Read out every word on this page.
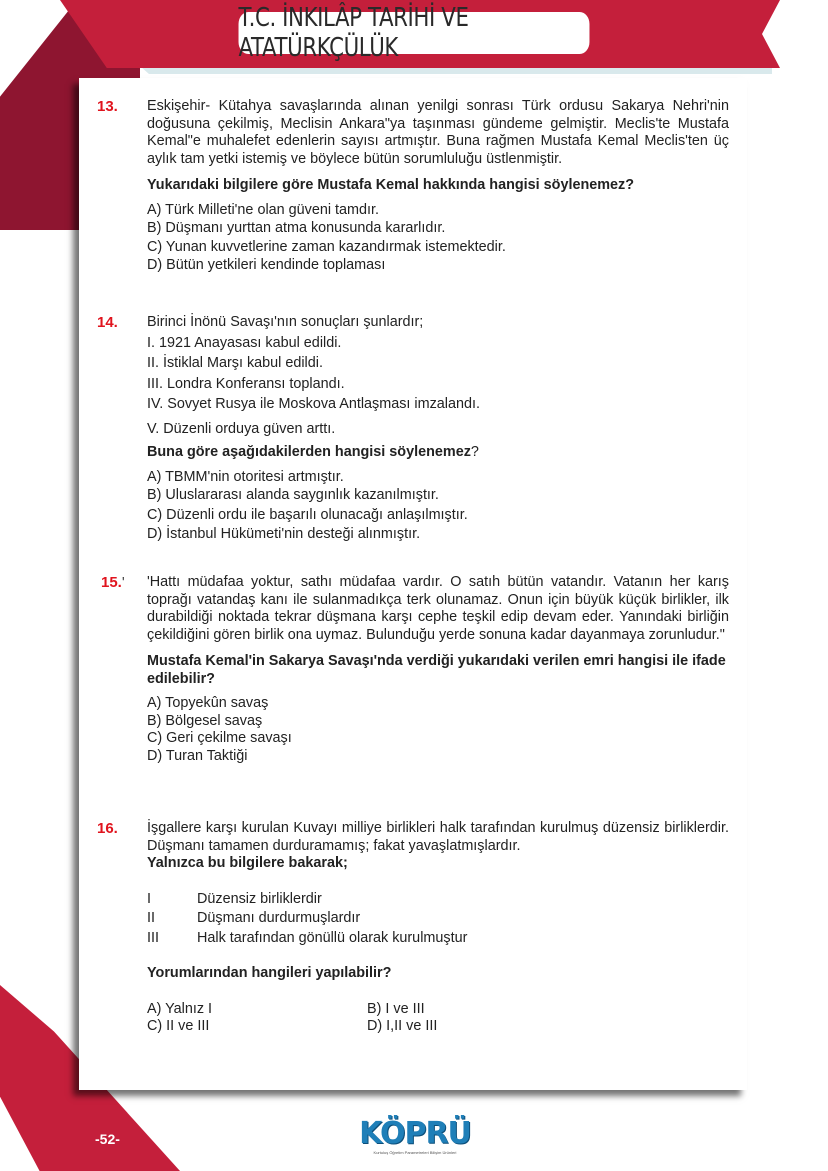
T.C. İNKILÂP TARİHİ VE ATATÜRKÇÜLÜK
13. Eskişehir- Kütahya savaşlarında alınan yenilgi sonrası Türk ordusu Sakarya Nehri'nin doğusuna çekilmiş, Meclisin Ankara"ya taşınması gündeme gelmiştir. Meclis'te Mustafa Kemal"e muhalefet edenlerin sayısı artmıştır. Buna rağmen Mustafa Kemal Meclis'ten üç aylık tam yetki istemiş ve böylece bütün sorumluluğu üstlenmiştir.

Yukarıdaki bilgilere göre Mustafa Kemal hakkında hangisi söylenemez?

A) Türk Milleti'ne olan güveni tamdır.

B) Düşmanı yurttan atma konusunda kararlıdır.

C) Yunan kuvvetlerine zaman kazandırmak istemektedir.

D) Bütün yetkileri kendinde toplaması

14. Birinci İnönü Savaşı'nın sonuçları şunlardır;

I. 1921 Anayasası kabul edildi.

II. İstiklal Marşı kabul edildi.

III. Londra Konferansı toplandı.

IV. Sovyet Rusya ile Moskova Antlaşması imzalandı.

V. Düzenli orduya güven arttı.

Buna göre aşağıdakilerden hangisi söylenemez?

A) TBMM'nin otoritesi artmıştır.

B) Uluslararası alanda saygınlık kazanılmıştır.

C) Düzenli ordu ile başarılı olunacağı anlaşılmıştır.

D) İstanbul Hükümeti'nin desteği alınmıştır.

15.' 'Hattı müdafaa yoktur, sathı müdafaa vardır. O satıh bütün vatandır. Vatanın her karış toprağı vatandaş kanı ile sulanmadıkça terk olunamaz. Onun için büyük küçük birlikler, ilk durabildiği noktada tekrar düşmana karşı cephe teşkil edip devam eder. Yanındaki birliğin çekildiğini gören birlik ona uymaz. Bulunduğu yerde sonuna kadar dayanmaya zorunludur."

Mustafa Kemal'in Sakarya Savaşı'nda verdiği yukarıdaki verilen emri hangisi ile ifade edilebilir?

A) Topyekûn savaş

B) Bölgesel savaş

C) Geri çekilme savaşı

D) Turan Taktiği

16. İşgallere karşı kurulan Kuvayı milliye birlikleri halk tarafından kurulmuş düzensiz birliklerdir. Düşmanı tamamen durduramamış; fakat yavaşlatmışlardır.

Yalnızca bu bilgilere bakarak;

I	Düzensiz birliklerdir
II	Düşmanı durdurmuşlardır
III	Halk tarafından gönüllü olarak kurulmuştur

Yorumlarından hangileri yapılabilir?

A) Yalnız I	B) I ve III
C) II ve III	D) I,II ve III
-52-	KÖPRÜ
Kurtuluş Öğretim Parametreleri Bilişim Ürünleri
